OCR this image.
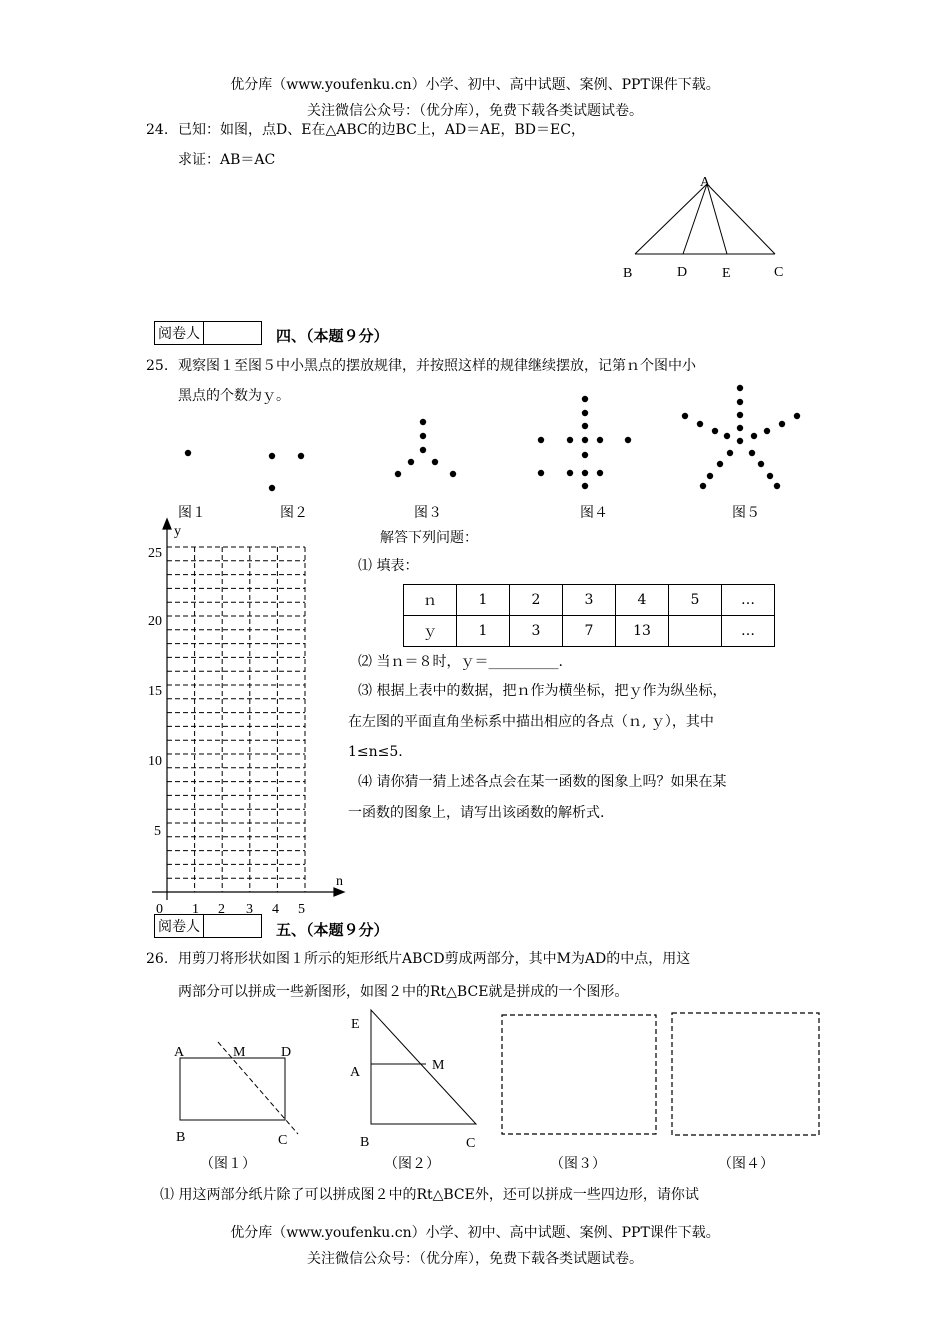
优分库（www.youfenku.cn）小学、初中、高中试题、案例、PPT课件下载。
关注微信公众号：（优分库），免费下载各类试题试卷。
24. 已知：如图，点D、E在△ABC的边BC上，AD＝AE，BD＝EC，
求证：AB＝AC
A
B	D E	C
阅卷人	四、（本题９分）
25. 观察图１至图５中小黑点的摆放规律，并按照这样的规律继续摆放，记第ｎ个图中小
黑点的个数为ｙ。
图１	图２	图３	图４	图５
y
n
0
25
20
15
10
5
1 2 3 4 5
解答下列问题：
⑴ 填表：
ｎ	1	2	3	4	5	…
ｙ	1	3	7	13		…
⑵ 当ｎ＝８时，ｙ＝__________.
⑶ 根据上表中的数据，把ｎ作为横坐标，把ｙ作为纵坐标，
在左图的平面直角坐标系中描出相应的各点（ｎ, ｙ），其中
1≤n≤5.
⑷ 请你猜一猜上述各点会在某一函数的图象上吗？如果在某
一函数的图象上，请写出该函数的解析式.
阅卷人	五、（本题９分）
26. 用剪刀将形状如图１所示的矩形纸片ABCD剪成两部分，其中M为AD的中点，用这
两部分可以拼成一些新图形，如图２中的Rt△BCE就是拼成的一个图形。
A	M	D
B	C
E
A	M
B	C
（图１）	（图２）	（图３）	（图４）
⑴ 用这两部分纸片除了可以拼成图２中的Rt△BCE外，还可以拼成一些四边形，请你试
优分库（www.youfenku.cn）小学、初中、高中试题、案例、PPT课件下载。
关注微信公众号：（优分库），免费下载各类试题试卷。
